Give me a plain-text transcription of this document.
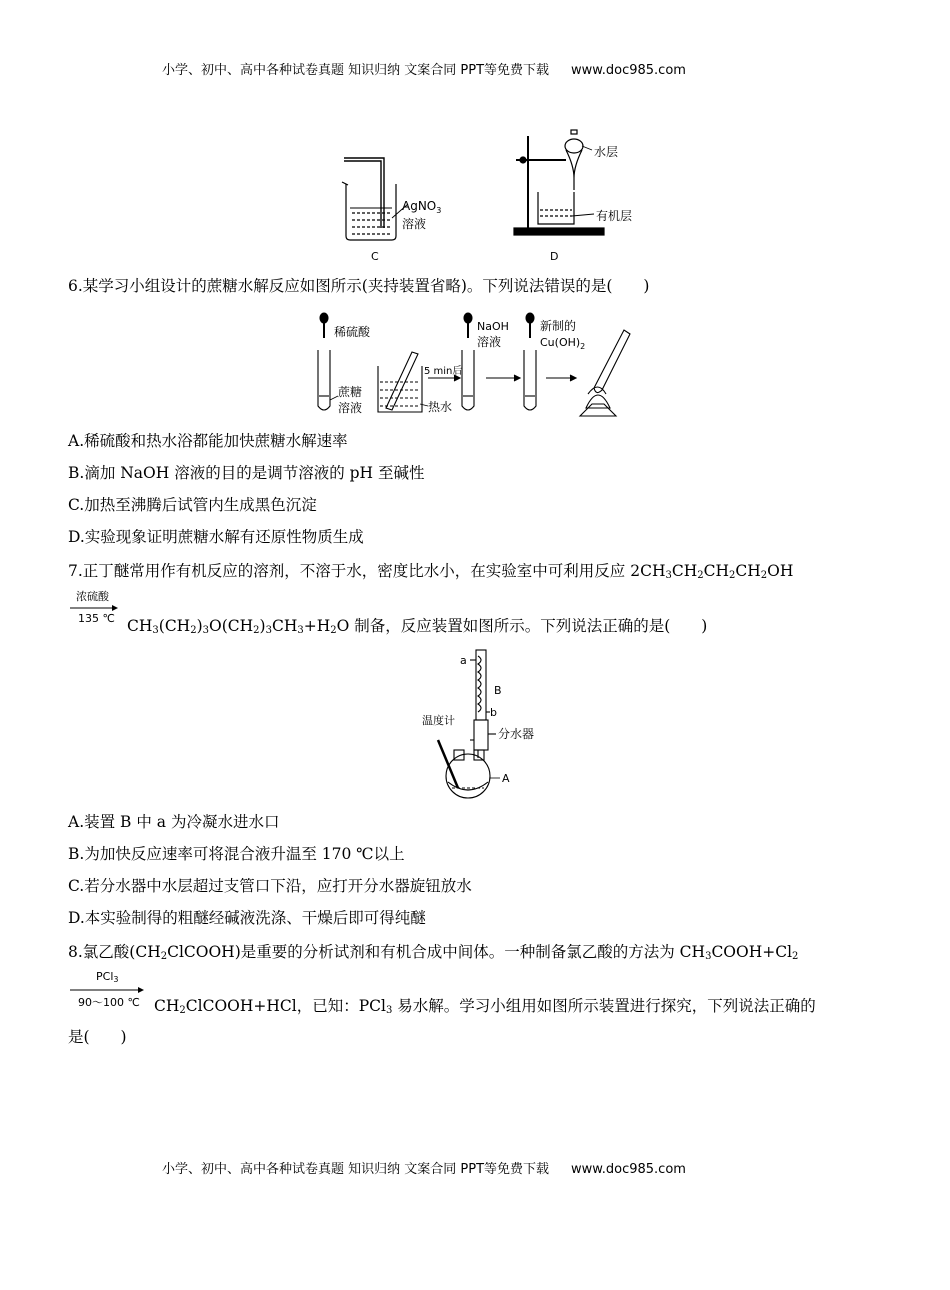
小学、初中、高中各种试卷真题 知识归纳 文案合同 PPT等免费下载 www.doc985.com
AgNO$_3$
溶液
C
水层
有机层
D
6.某学习小组设计的蔗糖水解反应如图所示(夹持装置省略)。下列说法错误的是(　　)
稀硫酸
蔗糖
溶液
5 min后
热水
NaOH
溶液
新制的
$Cu(OH)_2$
A.稀硫酸和热水浴都能加快蔗糖水解速率
B.滴加 NaOH 溶液的目的是调节溶液的 pH 至碱性
C.加热至沸腾后试管内生成黑色沉淀
D.实验现象证明蔗糖水解有还原性物质生成
7.正丁醚常用作有机反应的溶剂，不溶于水，密度比水小，在实验室中可利用反应 $2CH_3CH_2CH_2CH_2OH$
浓硫酸
135 ℃ $CH_3(CH_2)_3O(CH_2)_3CH_3+H_2O$ 制备，反应装置如图所示。下列说法正确的是(　　)
a
B
b
温度计
分水器
A
A.装置 B 中 a 为冷凝水进水口
B.为加快反应速率可将混合液升温至 170 ℃以上
C.若分水器中水层超过支管口下沿，应打开分水器旋钮放水
D.本实验制得的粗醚经碱液洗涤、干燥后即可得纯醚
8.氯乙酸$(CH_2ClCOOH)$是重要的分析试剂和有机合成中间体。一种制备氯乙酸的方法为 $CH_3COOH+Cl_2$
PCl$_3$
90～100 ℃ $CH_2ClCOOH+HCl$，已知：PCl$_3$ 易水解。学习小组用如图所示装置进行探究，下列说法正确的
是(　　)
小学、初中、高中各种试卷真题 知识归纳 文案合同 PPT等免费下载 www.doc985.com
